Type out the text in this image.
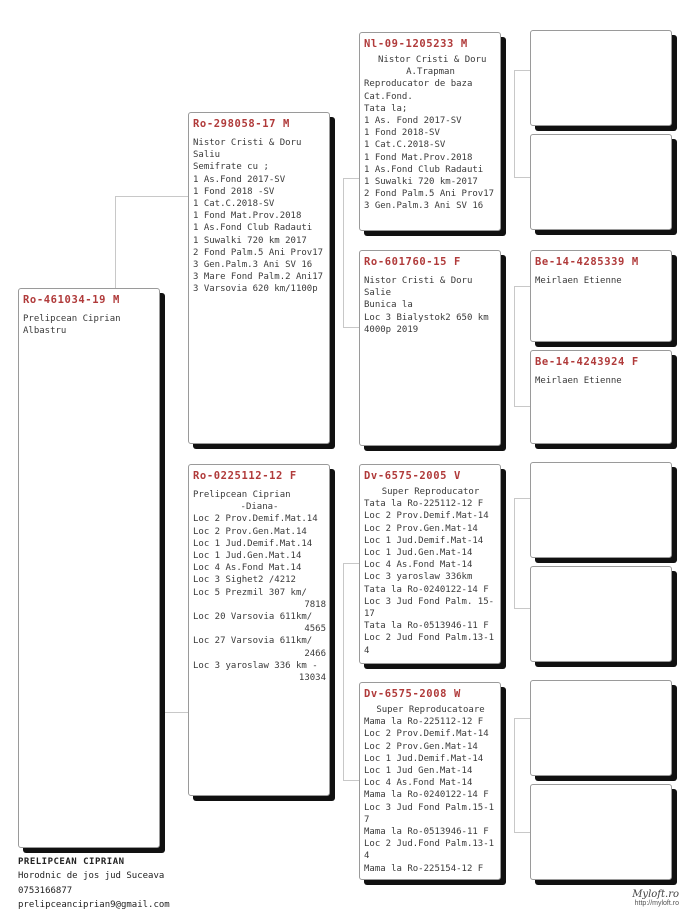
Ro-461034-19 M
Prelipcean Ciprian
Albastru
Ro-298058-17 M
Nistor Cristi & Doru
Saliu
Semifrate cu ;
1 As.Fond 2017-SV
1 Fond 2018 -SV
1 Cat.C.2018-SV
1 Fond Mat.Prov.2018
1 As.Fond Club Radauti
1 Suwalki 720 km 2017
2 Fond Palm.5 Ani Prov17
3 Gen.Palm.3 Ani SV 16
3 Mare Fond Palm.2 Ani17
3 Varsovia 620 km/1100p
Ro-0225112-12 F
Prelipcean Ciprian
-Diana-
Loc 2 Prov.Demif.Mat.14
Loc 2 Prov.Gen.Mat.14
Loc 1 Jud.Demif.Mat.14
Loc 1 Jud.Gen.Mat.14
Loc 4 As.Fond Mat.14
Loc 3 Sighet2 /4212
Loc 5 Prezmil 307 km/
7818
Loc 20 Varsovia 611km/
4565
Loc 27 Varsovia 611km/
2466
Loc 3 yaroslaw 336 km -
13034
Nl-09-1205233 M
Nistor Cristi & Doru
A.Trapman
Reproducator de baza
Cat.Fond.
Tata la;
1 As. Fond 2017-SV
1 Fond 2018-SV
1 Cat.C.2018-SV
1 Fond Mat.Prov.2018
1 As.Fond Club Radauti
1 Suwalki 720 km-2017
2 Fond Palm.5 Ani Prov17
3 Gen.Palm.3 Ani SV 16
Ro-601760-15 F
Nistor Cristi & Doru
Salie
Bunica la
Loc 3 Bialystok2 650 km
4000p 2019
Dv-6575-2005 V
Super Reproducator
Tata la Ro-225112-12 F
Loc 2 Prov.Demif.Mat-14
Loc 2 Prov.Gen.Mat-14
Loc 1 Jud.Demif.Mat-14
Loc 1 Jud.Gen.Mat-14
Loc 4 As.Fond Mat-14
Loc 3 yaroslaw 336km
Tata la Ro-0240122-14 F
Loc 3 Jud Fond Palm. 15-
17
Tata la Ro-0513946-11 F
Loc 2 Jud Fond Palm.13-1
4
Dv-6575-2008 W
Super Reproducatoare
Mama la Ro-225112-12 F
Loc 2 Prov.Demif.Mat-14
Loc 2 Prov.Gen.Mat-14
Loc 1 Jud.Demif.Mat-14
Loc 1 Jud Gen.Mat-14
Loc 4 As.Fond Mat-14
Mama la Ro-0240122-14 F
Loc 3 Jud Fond Palm.15-1
7
Mama la Ro-0513946-11 F
Loc 2 Jud.Fond Palm.13-1
4
Mama la Ro-225154-12 F
Be-14-4285339 M
Meirlaen Etienne
Be-14-4243924 F
Meirlaen Etienne
PRELIPCEAN CIPRIAN
Horodnic de jos jud Suceava
0753166877
prelipceanciprian9@gmail.com
Myloft.ro
http://myloft.ro
